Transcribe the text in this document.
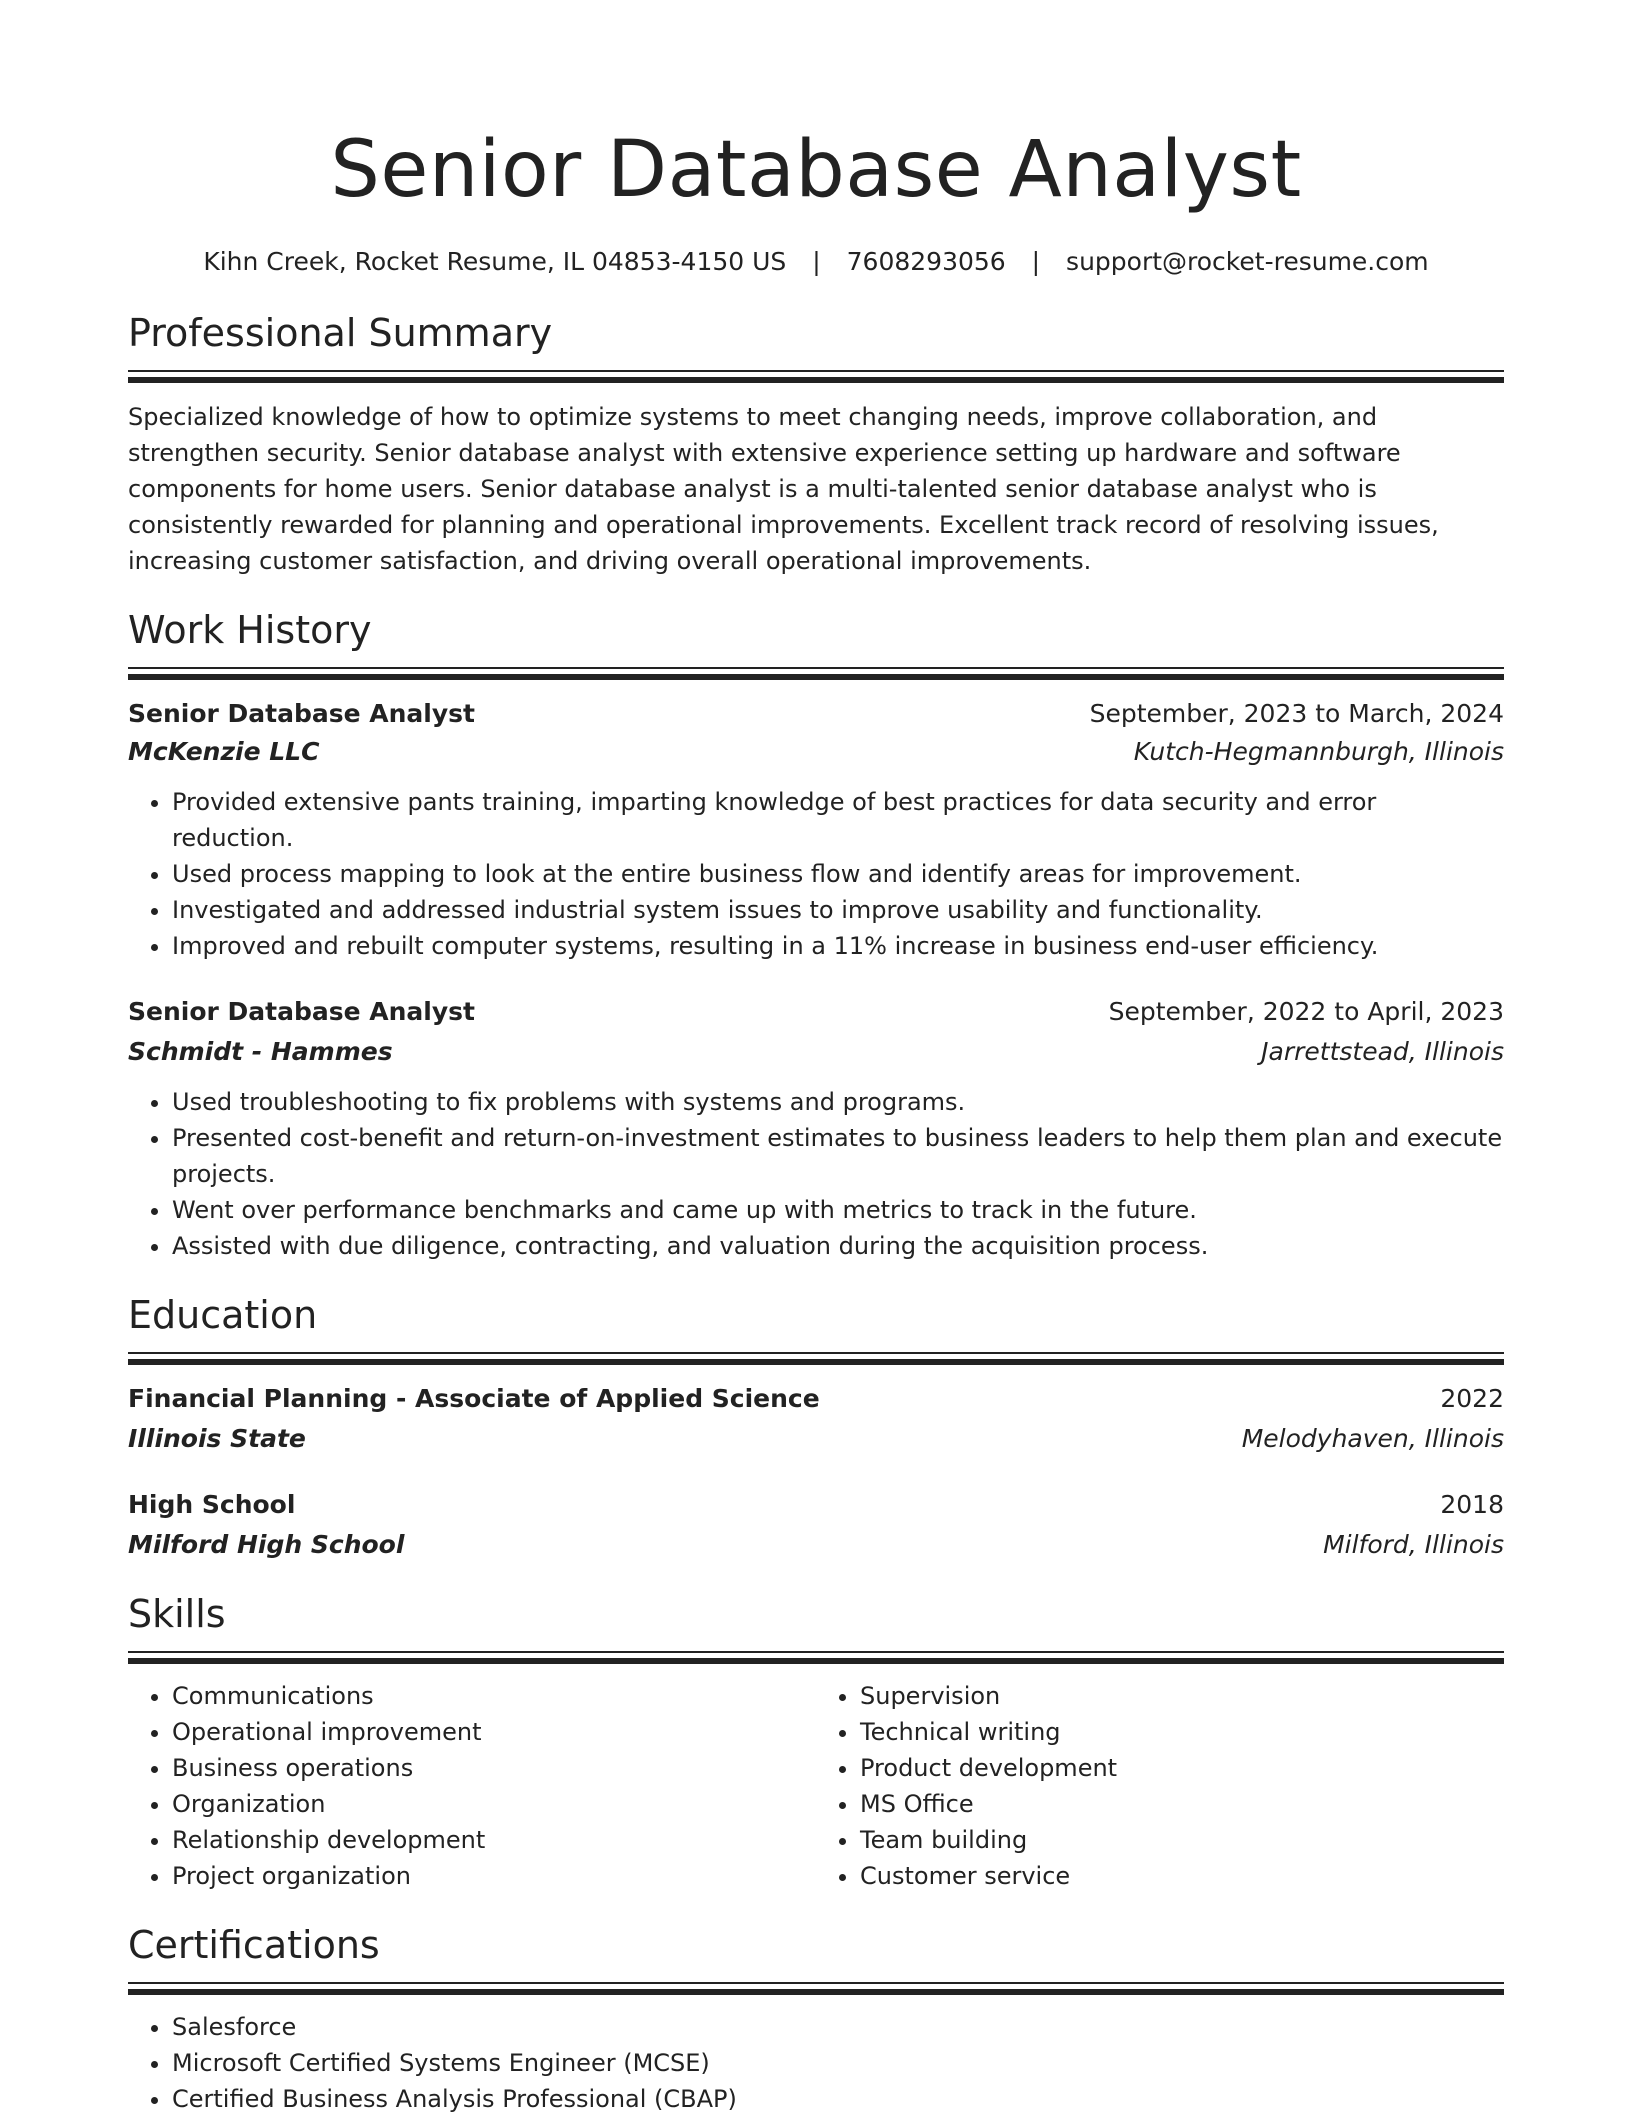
Senior Database Analyst
Kihn Creek, Rocket Resume, IL 04853-4150 US | 7608293056 | support@rocket-resume.com
Professional Summary

Specialized knowledge of how to optimize systems to meet changing needs, improve collaboration, and strengthen security. Senior database analyst with extensive experience setting up hardware and software components for home users. Senior database analyst is a multi-talented senior database analyst who is consistently rewarded for planning and operational improvements. Excellent track record of resolving issues, increasing customer satisfaction, and driving overall operational improvements.

Work History
Senior Database Analyst	September, 2023 to March, 2024
McKenzie LLC	Kutch-Hegmannburgh, Illinois
• Provided extensive pants training, imparting knowledge of best practices for data security and error reduction.
• Used process mapping to look at the entire business flow and identify areas for improvement.
• Investigated and addressed industrial system issues to improve usability and functionality.
• Improved and rebuilt computer systems, resulting in a 11% increase in business end-user efficiency.
Senior Database Analyst	September, 2022 to April, 2023
Schmidt - Hammes	Jarrettstead, Illinois
• Used troubleshooting to fix problems with systems and programs.
• Presented cost-benefit and return-on-investment estimates to business leaders to help them plan and execute projects.
• Went over performance benchmarks and came up with metrics to track in the future.
• Assisted with due diligence, contracting, and valuation during the acquisition process.
Education
Financial Planning - Associate of Applied Science	2022
Illinois State	Melodyhaven, Illinois
High School	2018
Milford High School	Milford, Illinois
Skills
• Communications
• Operational improvement
• Business operations
• Organization
• Relationship development
• Project organization
• Supervision
• Technical writing
• Product development
• MS Office
• Team building
• Customer service
Certifications
• Salesforce
• Microsoft Certified Systems Engineer (MCSE)
• Certified Business Analysis Professional (CBAP)
